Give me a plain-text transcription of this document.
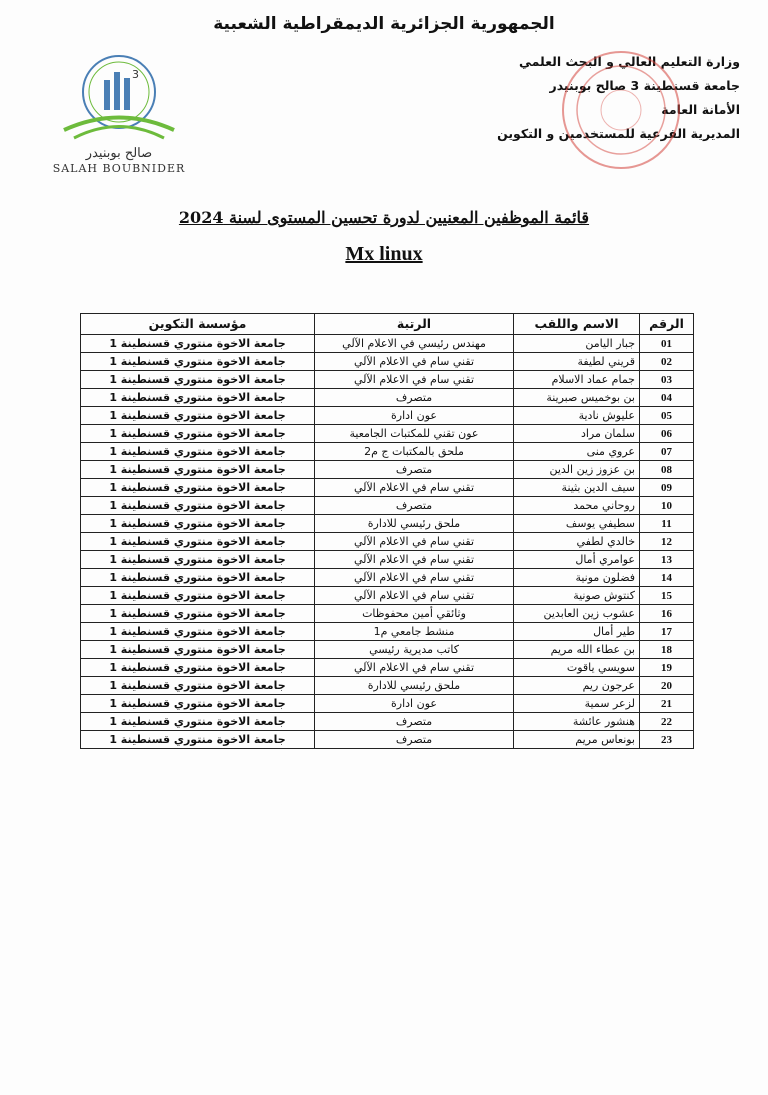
الجمهورية الجزائرية الديمقراطية الشعبية
وزارة التعليم العالي و البحث العلمي
جامعة قسنطينة 3 صالح بوبنيدر
الأمانة العامة
المديرية الفرعية للمستخدمين و التكوين
3
صالح بوبنيدر
SALAH BOUBNIDER
قائمة الموظفين المعنيين لدورة تحسين المستوى لسنة 2024
Mx linux
الرقم	الاسم واللقب	الرتبة	مؤسسة التكوين
01	جبار اليامن	مهندس رئيسي في الاعلام الآلي	جامعة الاخوة منتوري قسنطينة 1
02	قريني لطيفة	تقني سام في الاعلام الآلي	جامعة الاخوة منتوري قسنطينة 1
03	جمام عماد الاسلام	تقني سام في الاعلام الآلي	جامعة الاخوة منتوري قسنطينة 1
04	بن بوخميس صبرينة	متصرف	جامعة الاخوة منتوري قسنطينة 1
05	عليوش نادية	عون ادارة	جامعة الاخوة منتوري قسنطينة 1
06	سلمان مراد	عون تقني للمكتبات الجامعية	جامعة الاخوة منتوري قسنطينة 1
07	عروي منى	ملحق بالمكتبات ج م2	جامعة الاخوة منتوري قسنطينة 1
08	بن عزوز زين الدين	متصرف	جامعة الاخوة منتوري قسنطينة 1
09	سيف الدين بثينة	تقني سام في الاعلام الآلي	جامعة الاخوة منتوري قسنطينة 1
10	روحاني محمد	متصرف	جامعة الاخوة منتوري قسنطينة 1
11	سطيفي يوسف	ملحق رئيسي للادارة	جامعة الاخوة منتوري قسنطينة 1
12	خالدي لطفي	تقني سام في الاعلام الآلي	جامعة الاخوة منتوري قسنطينة 1
13	عوامري أمال	تقني سام في الاعلام الآلي	جامعة الاخوة منتوري قسنطينة 1
14	فضلون مونية	تقني سام في الاعلام الآلي	جامعة الاخوة منتوري قسنطينة 1
15	كنتوش صونية	تقني سام في الاعلام الآلي	جامعة الاخوة منتوري قسنطينة 1
16	عشوب زين العابدين	وثائقي أمين محفوظات	جامعة الاخوة منتوري قسنطينة 1
17	طير أمال	منشط جامعي م1	جامعة الاخوة منتوري قسنطينة 1
18	بن عطاء الله مريم	كاتب مديرية رئيسي	جامعة الاخوة منتوري قسنطينة 1
19	سويسي ياقوت	تقني سام في الاعلام الآلي	جامعة الاخوة منتوري قسنطينة 1
20	عرجون ريم	ملحق رئيسي للادارة	جامعة الاخوة منتوري قسنطينة 1
21	لزعر سمية	عون ادارة	جامعة الاخوة منتوري قسنطينة 1
22	هنشور عائشة	متصرف	جامعة الاخوة منتوري قسنطينة 1
23	بونعاس مريم	متصرف	جامعة الاخوة منتوري قسنطينة 1
